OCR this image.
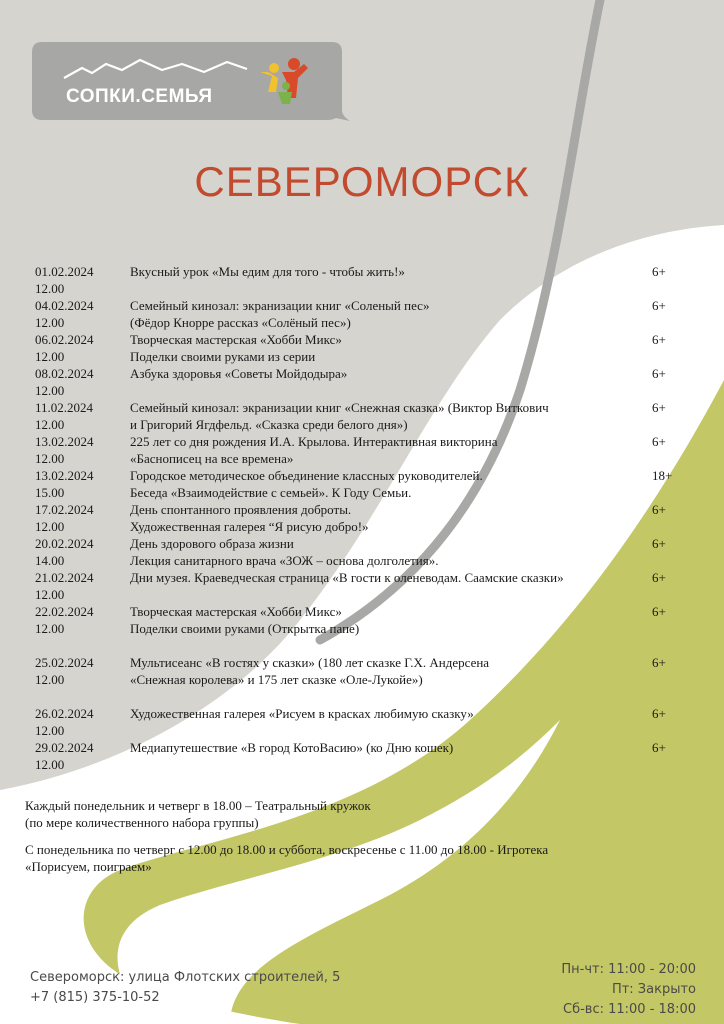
СОПКИ.СЕМЬЯ
СЕВЕРОМОРСК
01.02.2024	Вкусный урок «Мы едим для того - чтобы жить!»	6+
12.00
04.02.2024	Семейный кинозал: экранизации книг «Соленый пес»	6+
12.00	(Фёдор Кнорре рассказ «Солёный пес»)
06.02.2024	Творческая мастерская «Хобби Микс»	6+
12.00	Поделки своими руками из серии
08.02.2024	Азбука здоровья «Советы Мойдодыра»	6+
12.00
11.02.2024	Семейный кинозал: экранизации книг «Снежная сказка» (Виктор Виткович	6+
12.00	и Григорий Ягдфельд. «Сказка среди белого дня»)
13.02.2024	225 лет со дня рождения И.А. Крылова. Интерактивная викторина	6+
12.00	«Баснописец на все времена»
13.02.2024	Городское методическое объединение классных руководителей.	18+
15.00	Беседа «Взаимодействие с семьей». К Году Семьи.
17.02.2024	День спонтанного проявления доброты.	6+
12.00	Художественная галерея “Я рисую добро!»
20.02.2024	День здорового образа жизни	6+
14.00	Лекция санитарного врача «ЗОЖ – основа долголетия».
21.02.2024	Дни музея. Краеведческая страница «В гости к оленеводам. Саамские сказки»	6+
12.00
22.02.2024	Творческая мастерская «Хобби Микс»	6+
12.00	Поделки своими руками (Открытка папе)
25.02.2024	Мультисеанс «В гостях у сказки» (180 лет сказке Г.Х. Андерсена	6+
12.00	«Снежная королева» и 175 лет сказке «Оле-Лукойе»)
26.02.2024	Художественная галерея «Рисуем в красках любимую сказку»	6+
12.00
29.02.2024	Медиапутешествие «В город КотоВасию» (ко Дню кошек)	6+
12.00

Каждый понедельник и четверг в 18.00 – Театральный кружок

(по мере количественного набора группы)

С понедельника по четверг с 12.00 до 18.00 и суббота, воскресенье с 11.00 до 18.00 - Игротека

«Порисуем, поиграем»

Североморск: улица Флотских строителей, 5
+7 (815) 375-10-52
Пн-чт: 11:00 - 20:00
Пт: Закрыто
Сб-вс: 11:00 - 18:00
